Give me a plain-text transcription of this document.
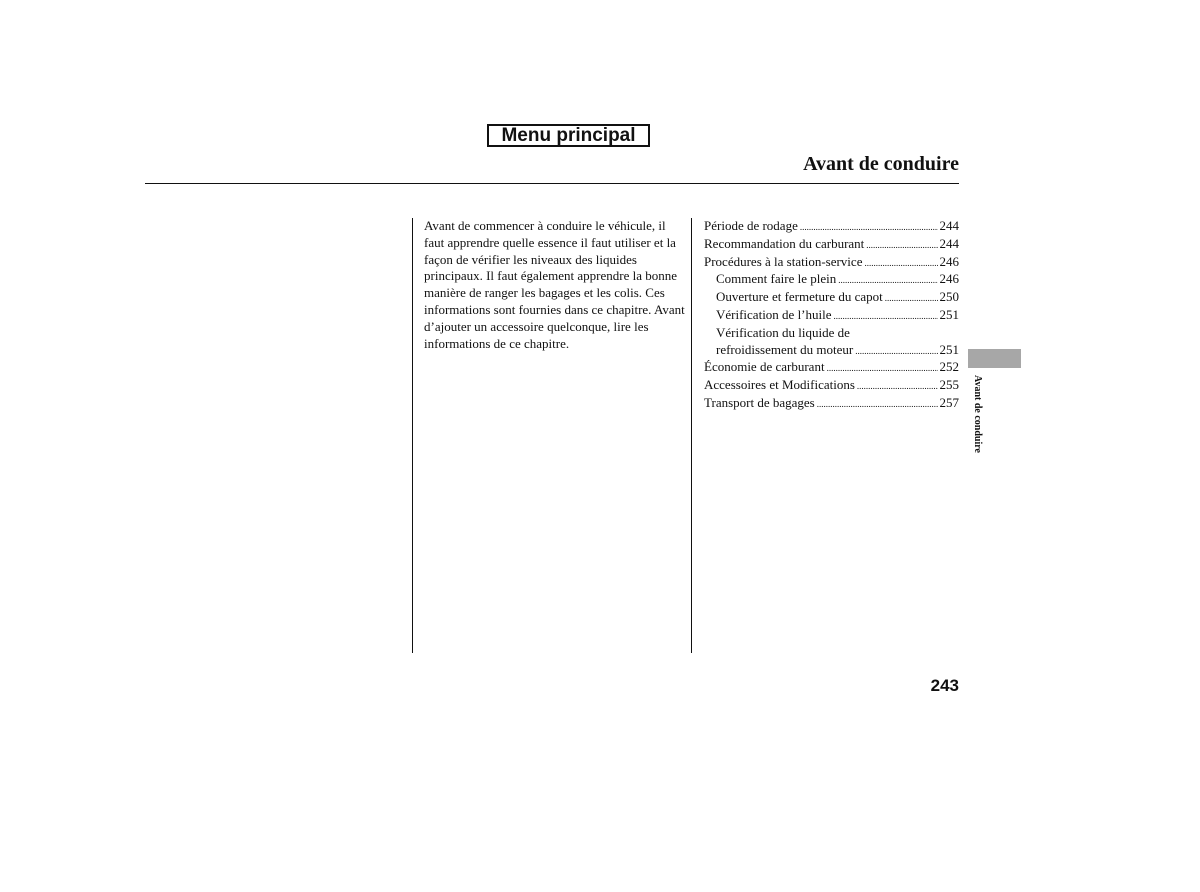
Menu principal
Avant de conduire

Avant de commencer à conduire le véhicule, il faut apprendre quelle essence il faut utiliser et la façon de vérifier les niveaux des liquides principaux. Il faut également apprendre la bonne manière de ranger les bagages et les colis. Ces informations sont fournies dans ce chapitre. Avant d’ajouter un accessoire quelconque, lire les informations de ce chapitre.

Période de rodage .....	244
Recommandation du carburant .....	244
Procédures à la station-service .....	246
Comment faire le plein .....	246
Ouverture et fermeture du capot .....	250
Vérification de l’huile .....	251
Vérification du liquide de
refroidissement du moteur .....	251
Économie de carburant .....	252
Accessoires et Modifications .....	255
Transport de bagages .....	257	Avant de conduire
243
